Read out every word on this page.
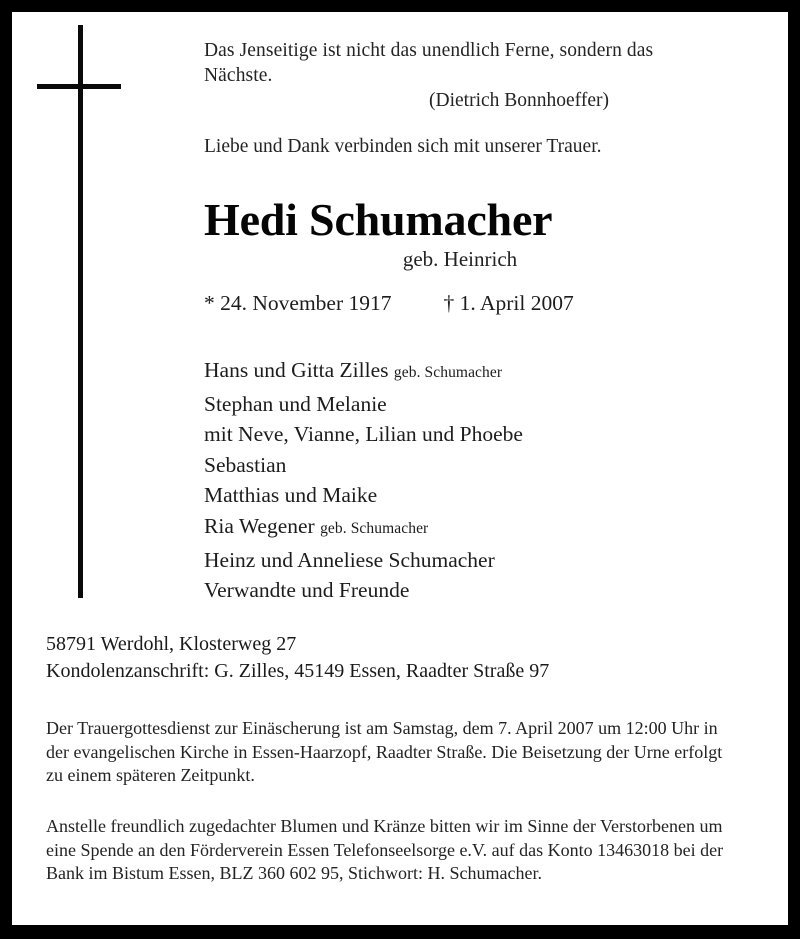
Das Jenseitige ist nicht das unendlich Ferne, sondern das Nächste.
(Dietrich Bonnhoeffer)
Liebe und Dank verbinden sich mit unserer Trauer.
Hedi Schumacher
geb. Heinrich
* 24. November 1917 † 1. April 2007
Hans und Gitta Zilles geb. Schumacher
Stephan und Melanie
mit Neve, Vianne, Lilian und Phoebe
Sebastian
Matthias und Maike
Ria Wegener geb. Schumacher
Heinz und Anneliese Schumacher
Verwandte und Freunde
58791 Werdohl, Klosterweg 27
Kondolenzanschrift: G. Zilles, 45149 Essen, Raadter Straße 97
Der Trauergottesdienst zur Einäscherung ist am Samstag, dem 7. April 2007 um 12:00 Uhr in der evangelischen Kirche in Essen-Haarzopf, Raadter Straße. Die Beisetzung der Urne erfolgt zu einem späteren Zeitpunkt.
Anstelle freundlich zugedachter Blumen und Kränze bitten wir im Sinne der Verstorbenen um eine Spende an den Förderverein Essen Telefonseelsorge e.V. auf das Konto 13463018 bei der Bank im Bistum Essen, BLZ 360 602 95, Stichwort: H. Schumacher.
